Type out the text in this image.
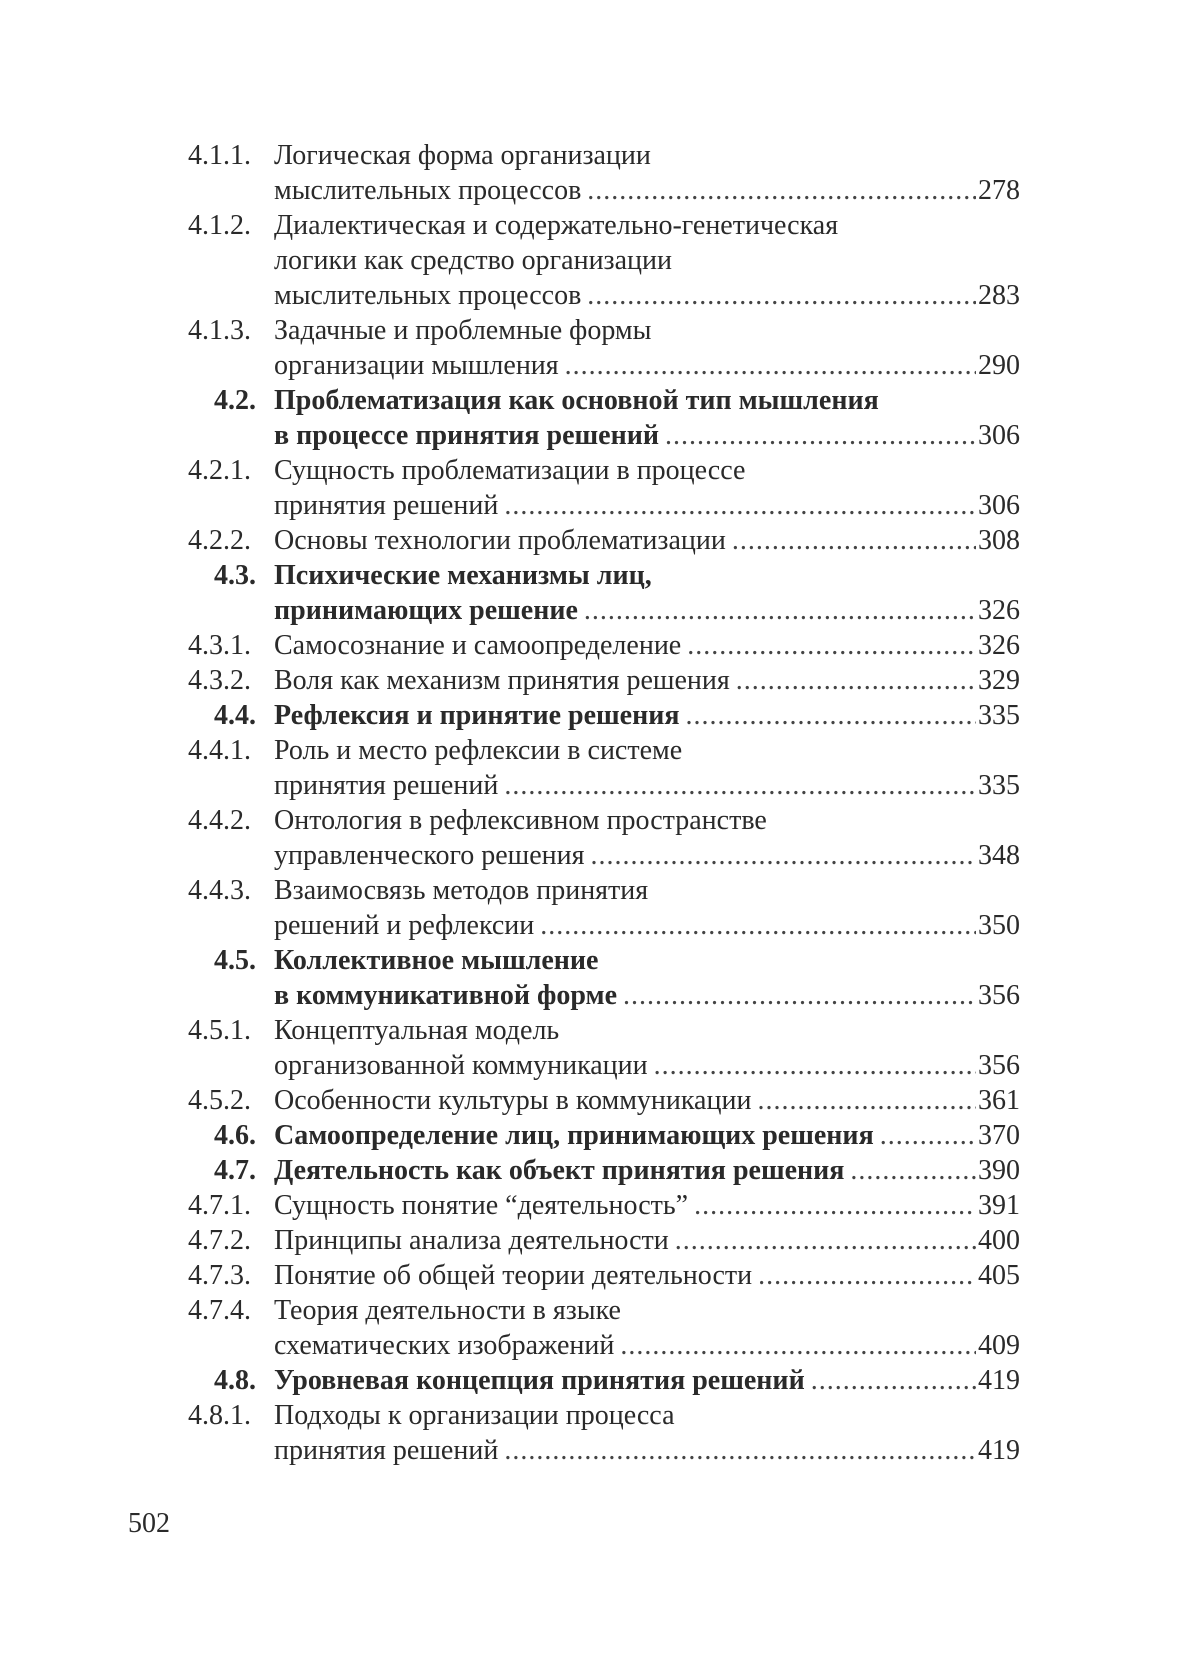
4.1.1. Логическая форма организации
мыслительных процессов .....	278
4.1.2. Диалектическая и содержательно-генетическая
логики как средство организации
мыслительных процессов .....	283
4.1.3. Задачные и проблемные формы
организации мышления .....	290
4.2. Проблематизация как основной тип мышления
в процессе принятия решений .....	306
4.2.1. Сущность проблематизации в процессе
принятия решений .....	306
4.2.2. Основы технологии проблематизации .....	308
4.3. Психические механизмы лиц,
принимающих решение .....	326
4.3.1. Самосознание и самоопределение .....	326
4.3.2. Воля как механизм принятия решения .....	329
4.4. Рефлексия и принятие решения .....	335
4.4.1. Роль и место рефлексии в системе
принятия решений .....	335
4.4.2. Онтология в рефлексивном пространстве
управленческого решения .....	348
4.4.3. Взаимосвязь методов принятия
решений и рефлексии .....	350
4.5. Коллективное мышление
в коммуникативной форме .....	356
4.5.1. Концептуальная модель
организованной коммуникации .....	356
4.5.2. Особенности культуры в коммуникации .....	361
4.6. Самоопределение лиц, принимающих решения .....	370
4.7. Деятельность как объект принятия решения .....	390
4.7.1. Сущность понятие “деятельность” .....	391
4.7.2. Принципы анализа деятельности .....	400
4.7.3. Понятие об общей теории деятельности .....	405
4.7.4. Теория деятельности в языке
схематических изображений .....	409
4.8. Уровневая концепция принятия решений .....	419
4.8.1. Подходы к организации процесса
принятия решений .....	419
502
